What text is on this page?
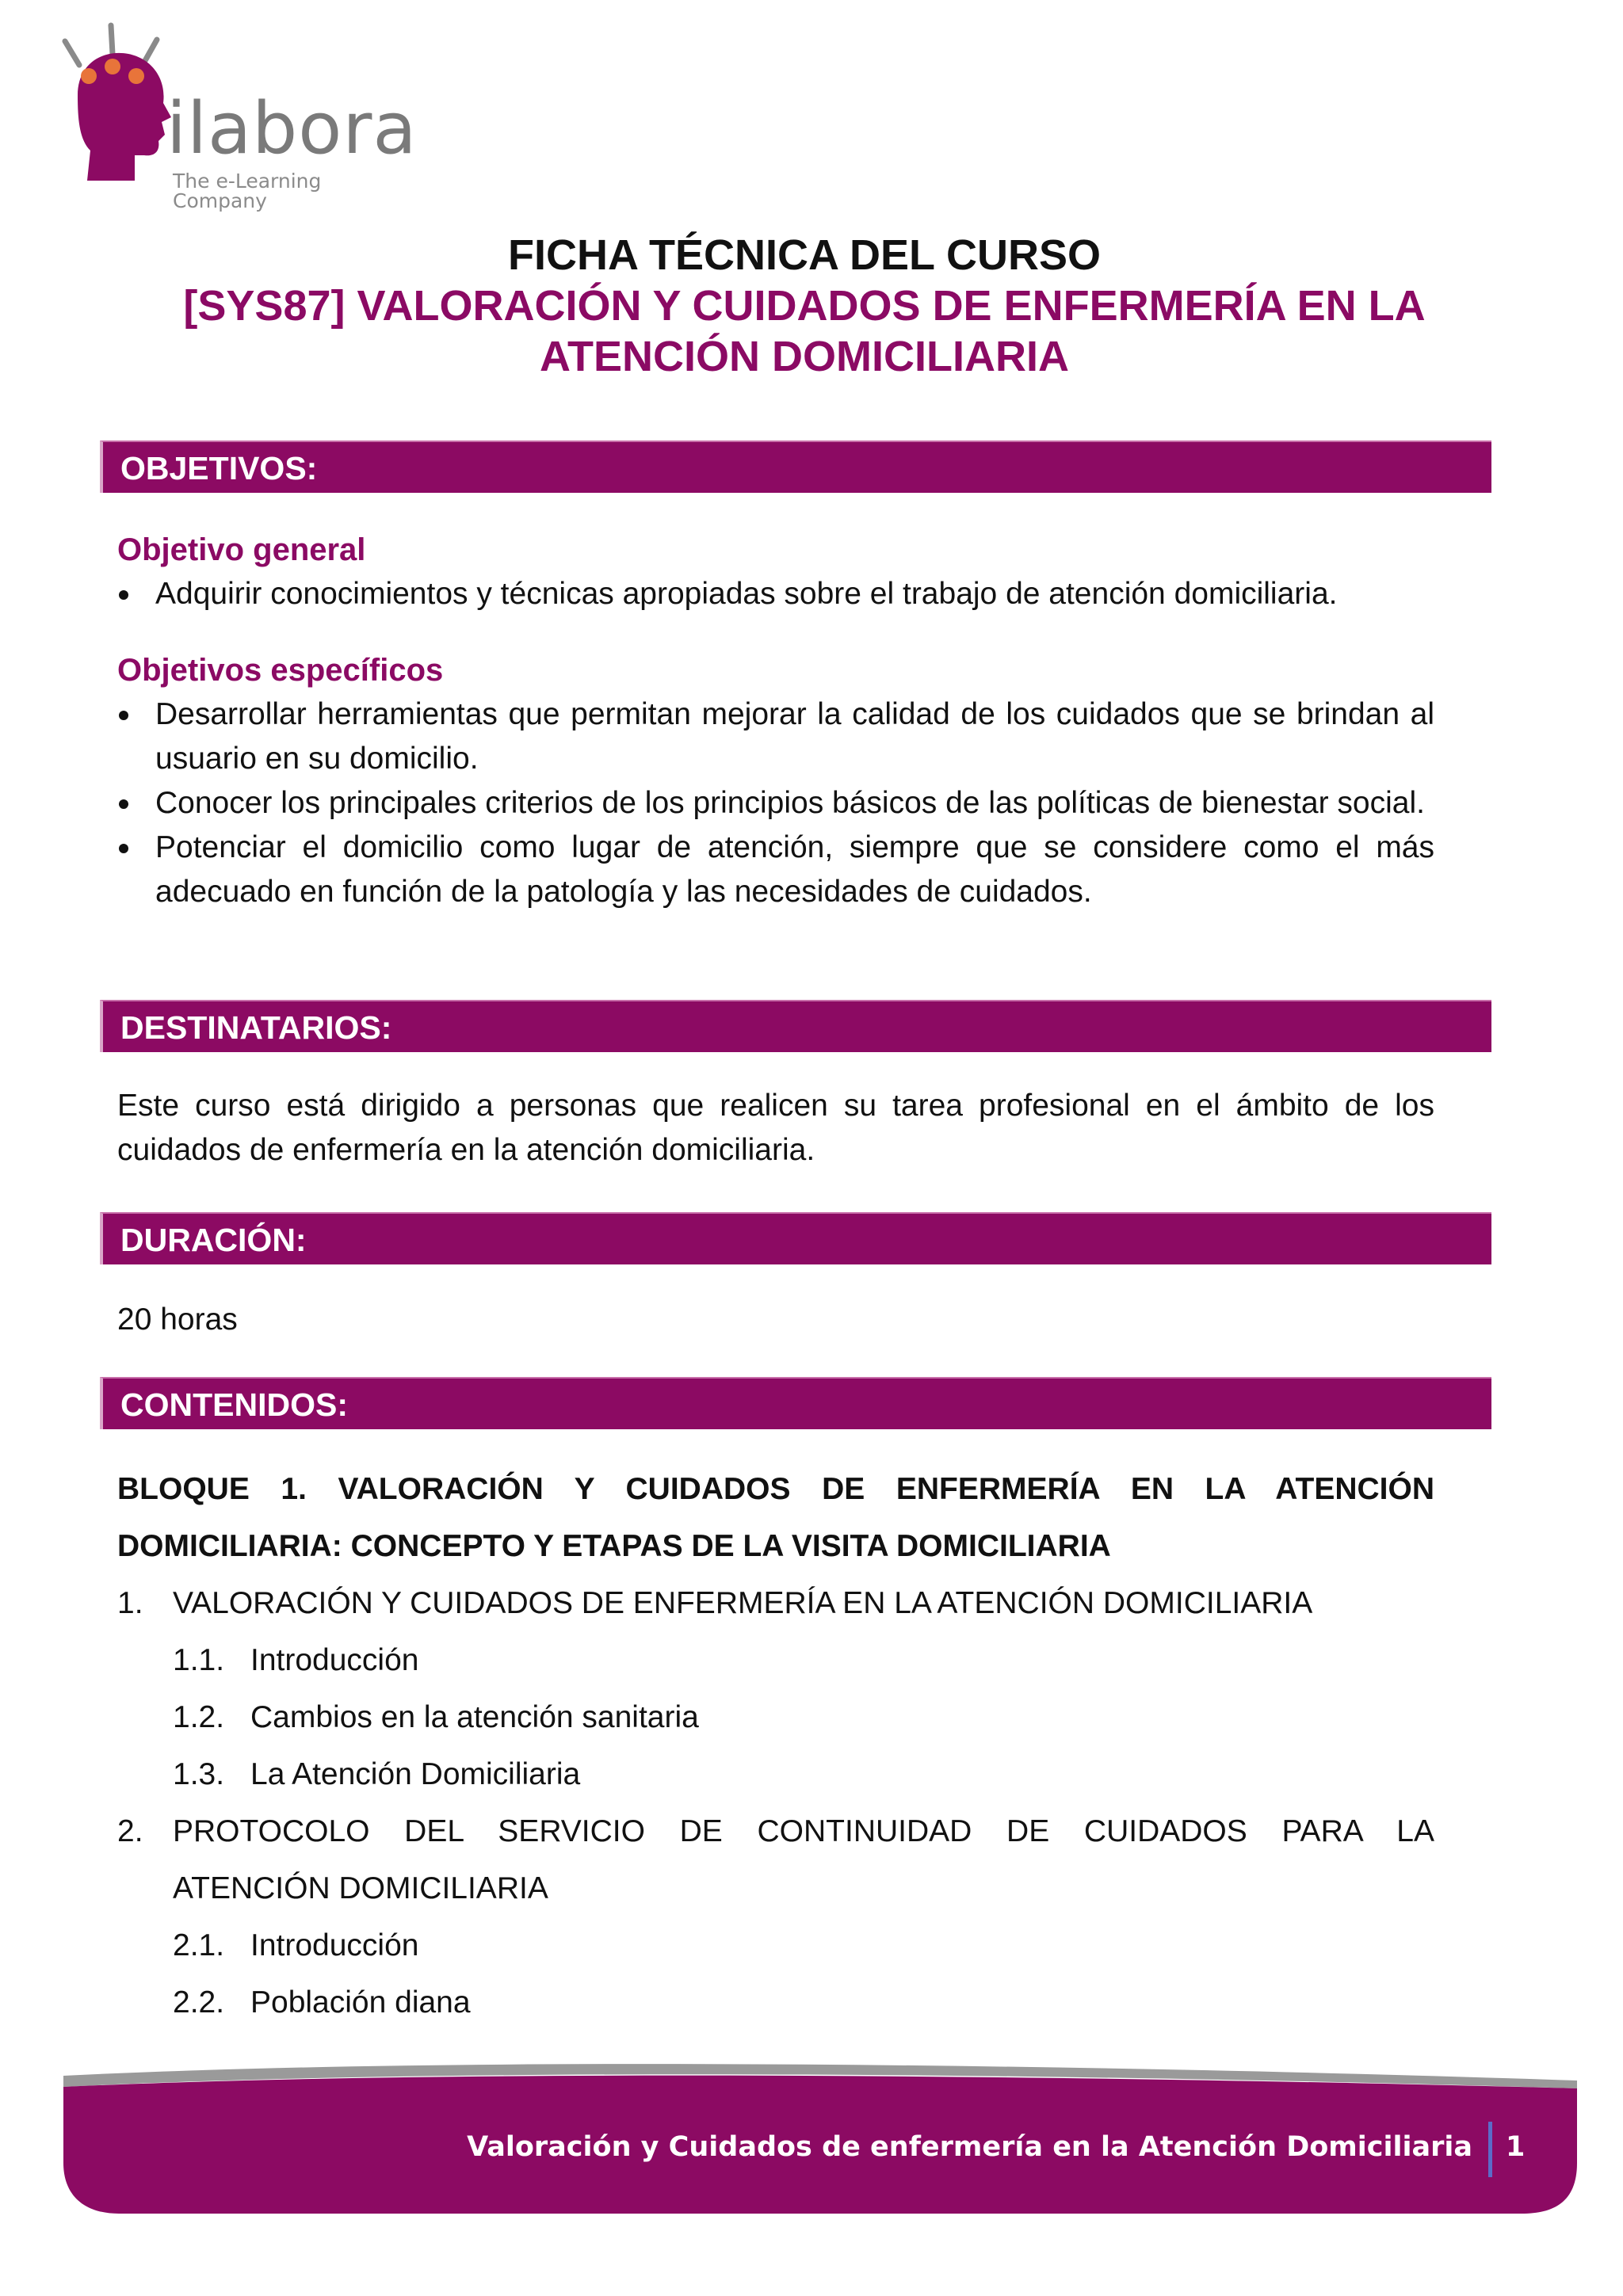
ilabora
The e-Learning Company
FICHA TÉCNICA DEL CURSO
[SYS87] VALORACIÓN Y CUIDADOS DE ENFERMERÍA EN LA
ATENCIÓN DOMICILIARIA
OBJETIVOS:
Objetivo general
Adquirir conocimientos y técnicas apropiadas sobre el trabajo de atención domiciliaria.
Objetivos específicos
Desarrollar herramientas que permitan mejorar la calidad de los cuidados que se brindan al usuario en su domicilio.
Conocer los principales criterios de los principios básicos de las políticas de bienestar social.
Potenciar el domicilio como lugar de atención, siempre que se considere como el más adecuado en función de la patología y las necesidades de cuidados.
DESTINATARIOS:

Este curso está dirigido a personas que realicen su tarea profesional en el ámbito de los cuidados de enfermería en la atención domiciliaria.

DURACIÓN:

20 horas

CONTENIDOS:
BLOQUE 1. VALORACIÓN Y CUIDADOS DE ENFERMERÍA EN LA ATENCIÓN DOMICILIARIA: CONCEPTO Y ETAPAS DE LA VISITA DOMICILIARIA
1. VALORACIÓN Y CUIDADOS DE ENFERMERÍA EN LA ATENCIÓN DOMICILIARIA
1.1. Introducción
1.2. Cambios en la atención sanitaria
1.3. La Atención Domiciliaria
2. PROTOCOLO DEL SERVICIO DE CONTINUIDAD DE CUIDADOS PARA LA
ATENCIÓN DOMICILIARIA
2.1. Introducción
2.2. Población diana
Valoración y Cuidados de enfermería en la Atención Domiciliaria 1
